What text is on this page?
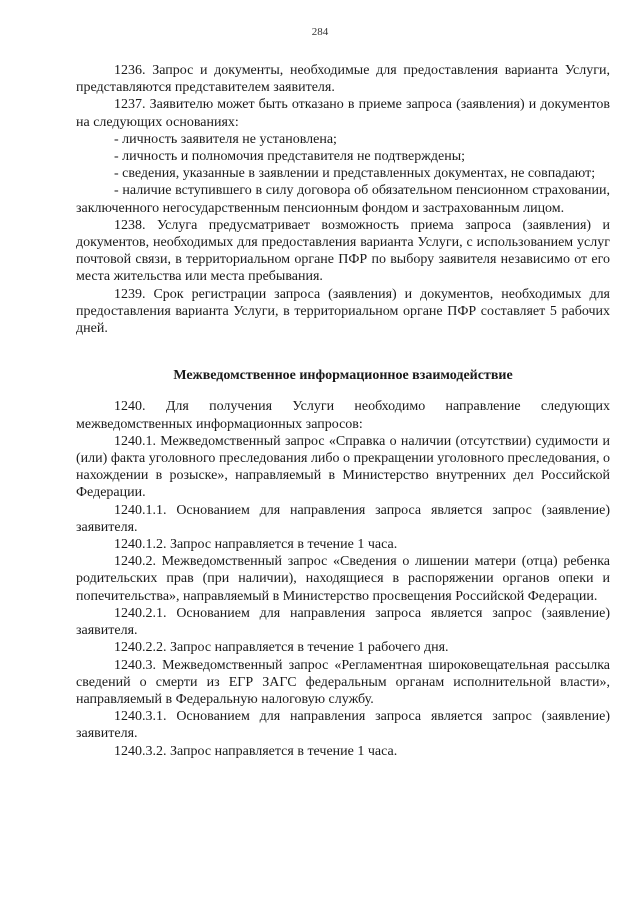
284

1236. Запрос и документы, необходимые для предоставления варианта Услуги, представляются представителем заявителя.

1237. Заявителю может быть отказано в приеме запроса (заявления) и документов на следующих основаниях:

- личность заявителя не установлена;

- личность и полномочия представителя не подтверждены;

- сведения, указанные в заявлении и представленных документах, не совпадают;

- наличие вступившего в силу договора об обязательном пенсионном страховании, заключенного негосударственным пенсионным фондом и застрахованным лицом.

1238. Услуга предусматривает возможность приема запроса (заявления) и документов, необходимых для предоставления варианта Услуги, с использованием услуг почтовой связи, в территориальном органе ПФР по выбору заявителя независимо от его места жительства или места пребывания.

1239. Срок регистрации запроса (заявления) и документов, необходимых для предоставления варианта Услуги, в территориальном органе ПФР составляет 5 рабочих дней.

Межведомственное информационное взаимодействие

1240. Для получения Услуги необходимо направление следующих межведомственных информационных запросов:

1240.1. Межведомственный запрос «Справка о наличии (отсутствии) судимости и (или) факта уголовного преследования либо о прекращении уголовного преследования, о нахождении в розыске», направляемый в Министерство внутренних дел Российской Федерации.

1240.1.1. Основанием для направления запроса является запрос (заявление) заявителя.

1240.1.2. Запрос направляется в течение 1 часа.

1240.2. Межведомственный запрос «Сведения о лишении матери (отца) ребенка родительских прав (при наличии), находящиеся в распоряжении органов опеки и попечительства», направляемый в Министерство просвещения Российской Федерации.

1240.2.1. Основанием для направления запроса является запрос (заявление) заявителя.

1240.2.2. Запрос направляется в течение 1 рабочего дня.

1240.3. Межведомственный запрос «Регламентная широковещательная рассылка сведений о смерти из ЕГР ЗАГС федеральным органам исполнительной власти», направляемый в Федеральную налоговую службу.

1240.3.1. Основанием для направления запроса является запрос (заявление) заявителя.

1240.3.2. Запрос направляется в течение 1 часа.
